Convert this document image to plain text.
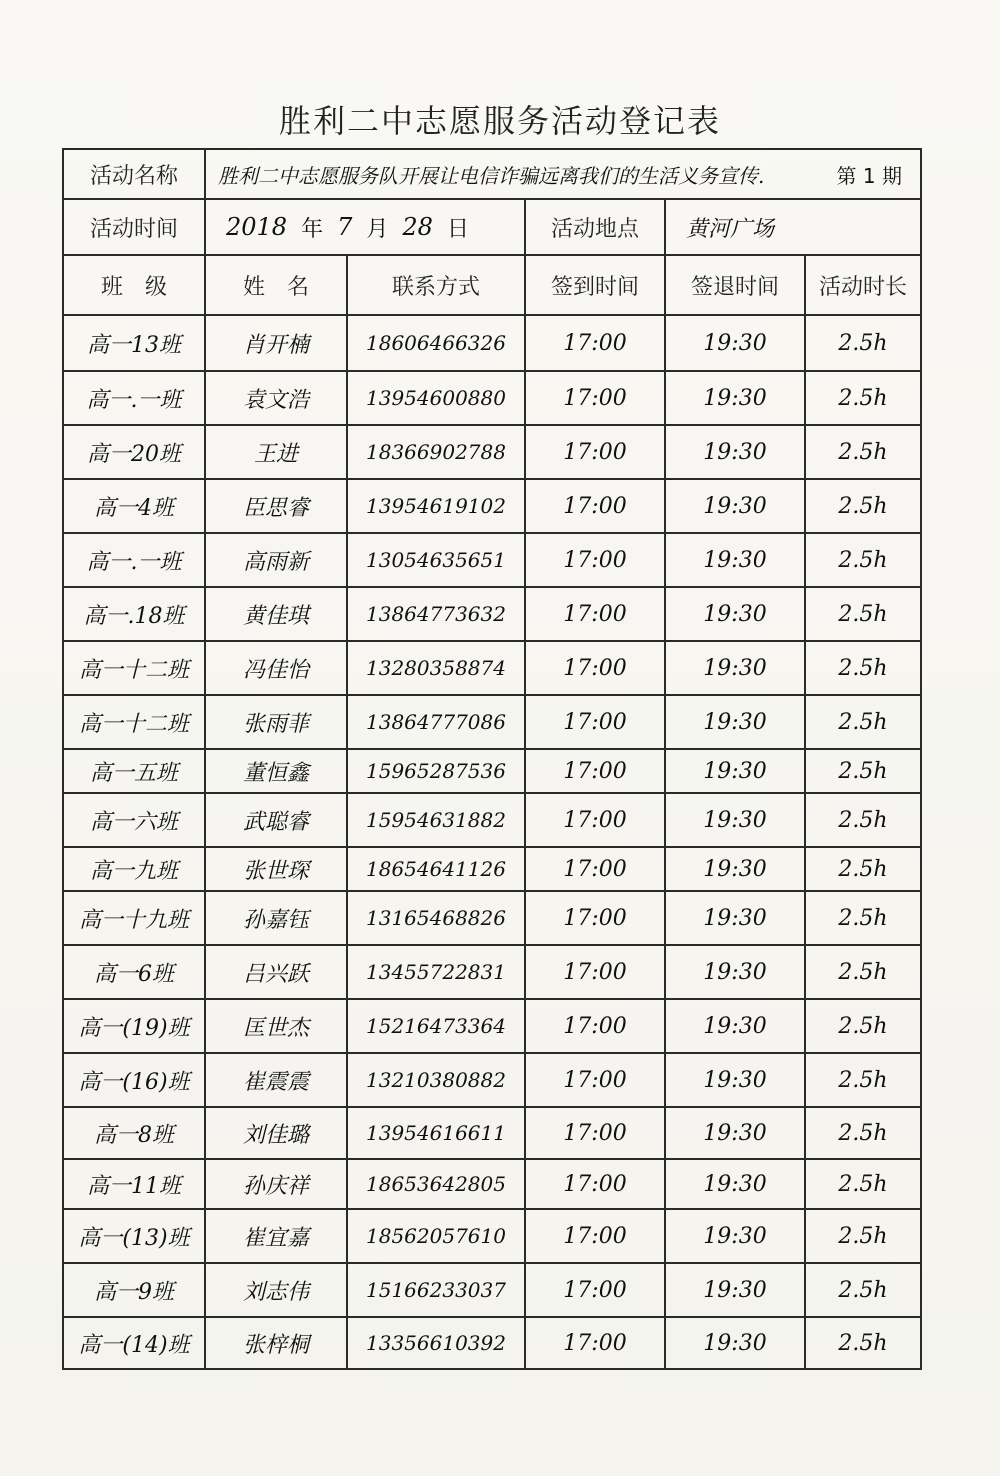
胜利二中志愿服务活动登记表
活动名称	胜利二中志愿服务队开展让电信诈骗远离我们的生活义务宣传.	第 1 期
活动时间	2018 年 7 月 28 日	活动地点	黄河广场
班　级	姓　名	联系方式	签到时间	签退时间	活动时长
高一13班	肖开楠	18606466326	17:00	19:30	2.5h
高一.一班	袁文浩	13954600880	17:00	19:30	2.5h
高一20班	王进	18366902788	17:00	19:30	2.5h
高一4班	臣思睿	13954619102	17:00	19:30	2.5h
高一.一班	高雨新	13054635651	17:00	19:30	2.5h
高一.18班	黄佳琪	13864773632	17:00	19:30	2.5h
高一十二班	冯佳怡	13280358874	17:00	19:30	2.5h
高一十二班	张雨菲	13864777086	17:00	19:30	2.5h
高一五班	董恒鑫	15965287536	17:00	19:30	2.5h
高一六班	武聪睿	15954631882	17:00	19:30	2.5h
高一九班	张世琛	18654641126	17:00	19:30	2.5h
高一十九班	孙嘉钰	13165468826	17:00	19:30	2.5h
高一6班	吕兴跃	13455722831	17:00	19:30	2.5h
高一(19)班	匡世杰	15216473364	17:00	19:30	2.5h
高一(16)班	崔震震	13210380882	17:00	19:30	2.5h
高一8班	刘佳璐	13954616611	17:00	19:30	2.5h
高一11班	孙庆祥	18653642805	17:00	19:30	2.5h
高一(13)班	崔宜嘉	18562057610	17:00	19:30	2.5h
高一9班	刘志伟	15166233037	17:00	19:30	2.5h
高一(14)班	张梓桐	13356610392	17:00	19:30	2.5h
